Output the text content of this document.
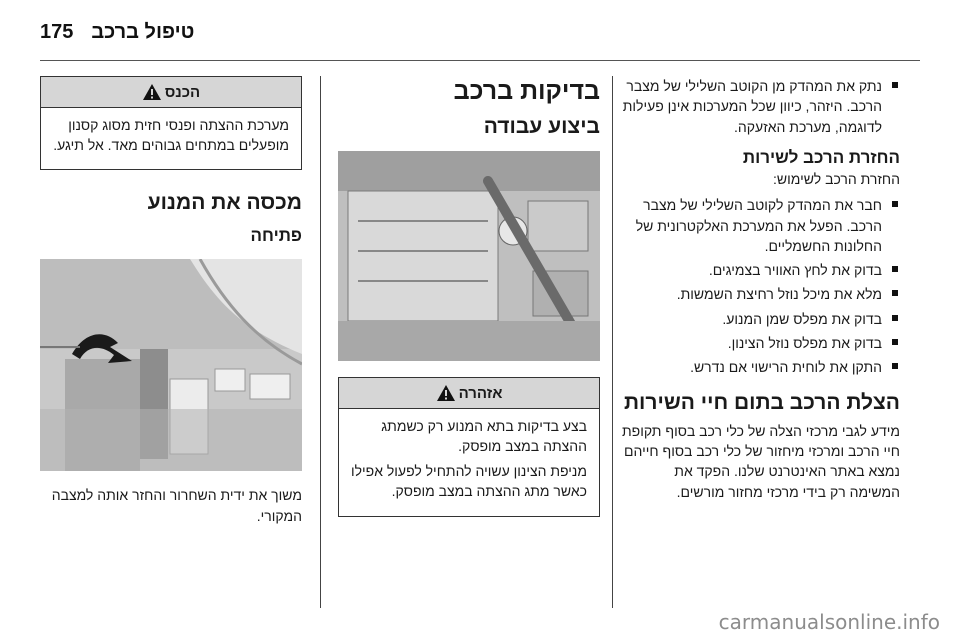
175 טיפול ברכב
הכנס

מערכת ההצתה ופנסי חזית מסוג קסנון מופעלים במתחים גבוהים מאד. אל תיגע.

מכסה את המנוע
פתיחה

משוך את ידית השחרור והחזר אותה למצבה המקורי.

בדיקות ברכב
ביצוע עבודה
אזהרה

בצע בדיקות בתא המנוע רק כשמתג ההצתה במצב מופסק.

מניפת הצינון עשויה להתחיל לפעול אפילו כאשר מתג ההצתה במצב מופסק.

נתק את המהדק מן הקוטב השלילי של מצבר הרכב. היזהר, כיוון שכל המערכות אינן פעילות לדוגמה, מערכת האזעקה.
החזרת הרכב לשירות

החזרת הרכב לשימוש:

חבר את המהדק לקוטב השלילי של מצבר הרכב. הפעל את המערכת האלקטרונית של החלונות החשמליים.
בדוק את לחץ האוויר בצמיגים.
מלא את מיכל נוזל רחיצת השמשות.
בדוק את מפלס שמן המנוע.
בדוק את מפלס נוזל הצינון.
התקן את לוחית הרישוי אם נדרש.
הצלת הרכב בתום חיי השירות

מידע לגבי מרכזי הצלה של כלי רכב בסוף תקופת חיי הרכב ומרכזי מיחזור של כלי רכב בסוף חייהם נמצא באתר האינטרנט שלנו. הפקד את המשימה רק בידי מרכזי מחזור מורשים.

carmanualsonline.info
